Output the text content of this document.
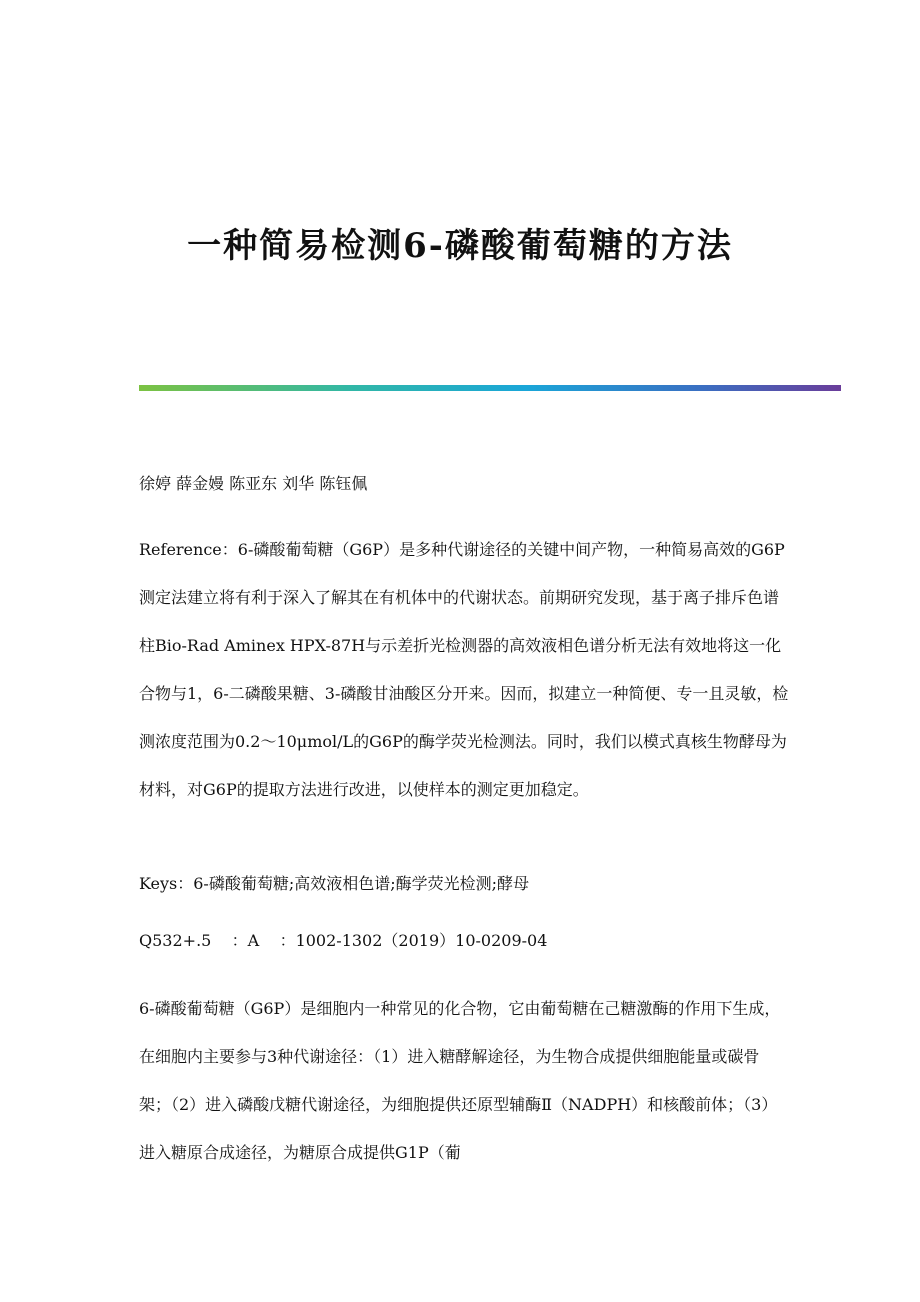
一种简易检测6-磷酸葡萄糖的方法

徐婷 薛金嫚 陈亚东 刘华 陈钰佩

Reference：6-磷酸葡萄糖（G6P）是多种代谢途径的关键中间产物，一种简易高效的G6P测定法建立将有利于深入了解其在有机体中的代谢状态。前期研究发现，基于离子排斥色谱柱Bio-Rad Aminex HPX-87H与示差折光检测器的高效液相色谱分析无法有效地将这一化合物与1，6-二磷酸果糖、3-磷酸甘油酸区分开来。因而，拟建立一种简便、专一且灵敏，检测浓度范围为0.2～10μmol/L的G6P的酶学荧光检测法。同时，我们以模式真核生物酵母为材料，对G6P的提取方法进行改进，以使样本的测定更加稳定。

Keys：6-磷酸葡萄糖;高效液相色谱;酶学荧光检测;酵母

Q532+.5    ：A    ：1002-1302（2019）10-0209-04

6-磷酸葡萄糖（G6P）是细胞内一种常见的化合物，它由葡萄糖在己糖激酶的作用下生成，在细胞内主要参与3种代谢途径：（1）进入糖酵解途径，为生物合成提供细胞能量或碳骨架；（2）进入磷酸戊糖代谢途径，为细胞提供还原型辅酶Ⅱ（NADPH）和核酸前体；（3）进入糖原合成途径，为糖原合成提供G1P（葡
